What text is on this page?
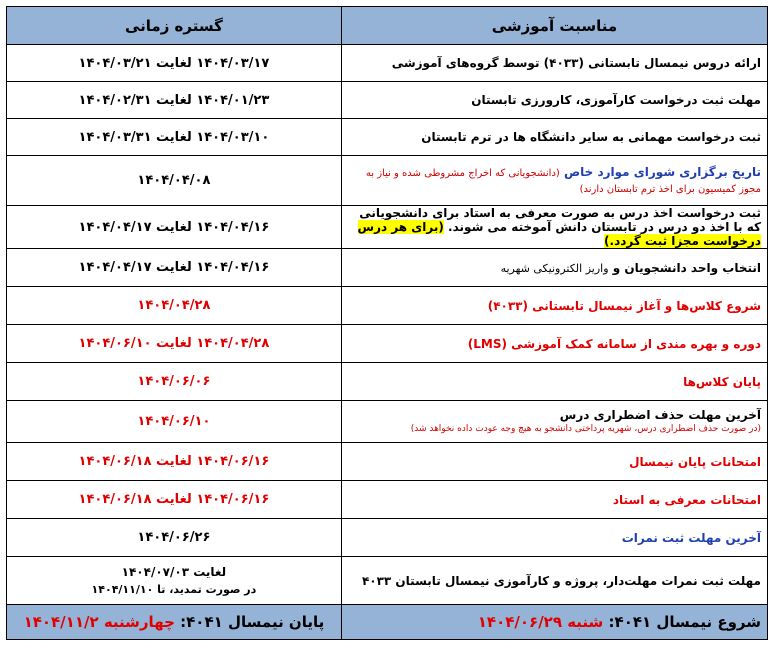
مناسبت آموزشی	گستره زمانی
ارائه دروس نیمسال تابستانی (۴۰۳۳) توسط گروه‌های آموزشی	۱۴۰۴/۰۳/۱۷ لغایت ۱۴۰۴/۰۳/۲۱
مهلت ثبت درخواست کارآموزی، کارورزی تابستان	۱۴۰۴/۰۱/۲۳ لغایت ۱۴۰۴/۰۲/۳۱
ثبت درخواست مهمانی به سایر دانشگاه ها در ترم تابستان	۱۴۰۴/۰۳/۱۰ لغایت ۱۴۰۴/۰۳/۳۱
تاریخ برگزاری شورای موارد خاص (دانشجویانی که اخراج مشروطی شده و نیاز به مجوز کمیسیون برای اخذ ترم تابستان دارند)	۱۴۰۴/۰۴/۰۸
ثبت درخواست اخذ درس به صورت معرفی به استاد برای دانشجویانی که با اخذ دو درس در تابستان دانش آموخته می شوند. (برای هر درس درخواست مجزا ثبت گردد.)	۱۴۰۴/۰۴/۱۶ لغایت ۱۴۰۴/۰۴/۱۷
انتخاب واحد دانشجویان و واریز الکترونیکی شهریه	۱۴۰۴/۰۴/۱۶ لغایت ۱۴۰۴/۰۴/۱۷
شروع کلاس‌ها و آغاز نیمسال تابستانی (۴۰۳۳)	۱۴۰۴/۰۴/۲۸
دوره و بهره مندی از سامانه کمک آموزشی (LMS)	۱۴۰۴/۰۴/۲۸ لغایت ۱۴۰۴/۰۶/۱۰
پایان کلاس‌ها	۱۴۰۴/۰۶/۰۶

آخرین مهلت حذف اضطراری درس
(در صورت حذف اضطراری درس، شهریه پرداختی دانشجو به هیچ وجه عودت داده نخواهد شد)	۱۴۰۴/۰۶/۱۰
امتحانات پایان نیمسال	۱۴۰۴/۰۶/۱۶ لغایت ۱۴۰۴/۰۶/۱۸
امتحانات معرفی به استاد	۱۴۰۴/۰۶/۱۶ لغایت ۱۴۰۴/۰۶/۱۸
آخرین مهلت ثبت نمرات	۱۴۰۴/۰۶/۲۶
مهلت ثبت نمرات مهلت‌دار، پروژه و کارآموزی نیمسال تابستان ۴۰۳۳	لغایت ۱۴۰۴/۰۷/۰۳
در صورت تمدید، تا ۱۴۰۴/۱۱/۱۰

شروع نیمسال ۴۰۴۱: شنبه ۱۴۰۴/۰۶/۲۹	پایان نیمسال ۴۰۴۱: چهارشنبه ۱۴۰۴/۱۱/۲
